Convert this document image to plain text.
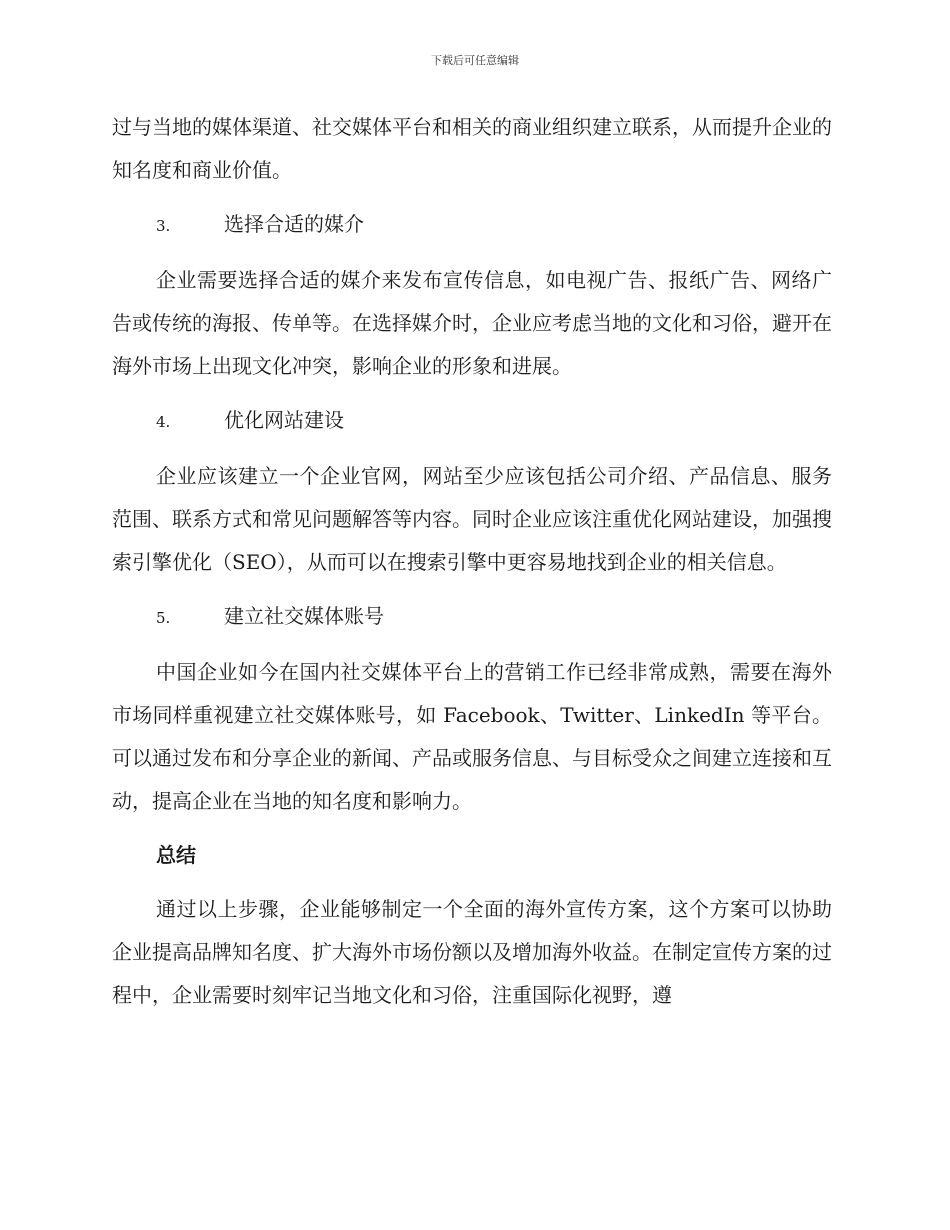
下载后可任意编辑

过与当地的媒体渠道、社交媒体平台和相关的商业组织建立联系，从而提升企业的知名度和商业价值。

3.	选择合适的媒介

企业需要选择合适的媒介来发布宣传信息，如电视广告、报纸广告、网络广告或传统的海报、传单等。在选择媒介时，企业应考虑当地的文化和习俗，避开在海外市场上出现文化冲突，影响企业的形象和进展。

4.	优化网站建设

企业应该建立一个企业官网，网站至少应该包括公司介绍、产品信息、服务范围、联系方式和常见问题解答等内容。同时企业应该注重优化网站建设，加强搜索引擎优化（SEO），从而可以在搜索引擎中更容易地找到企业的相关信息。

5.	建立社交媒体账号

中国企业如今在国内社交媒体平台上的营销工作已经非常成熟，需要在海外市场同样重视建立社交媒体账号，如 Facebook、Twitter、LinkedIn 等平台。可以通过发布和分享企业的新闻、产品或服务信息、与目标受众之间建立连接和互动，提高企业在当地的知名度和影响力。

总结

通过以上步骤，企业能够制定一个全面的海外宣传方案，这个方案可以协助企业提高品牌知名度、扩大海外市场份额以及增加海外收益。在制定宣传方案的过程中，企业需要时刻牢记当地文化和习俗，注重国际化视野，遵
